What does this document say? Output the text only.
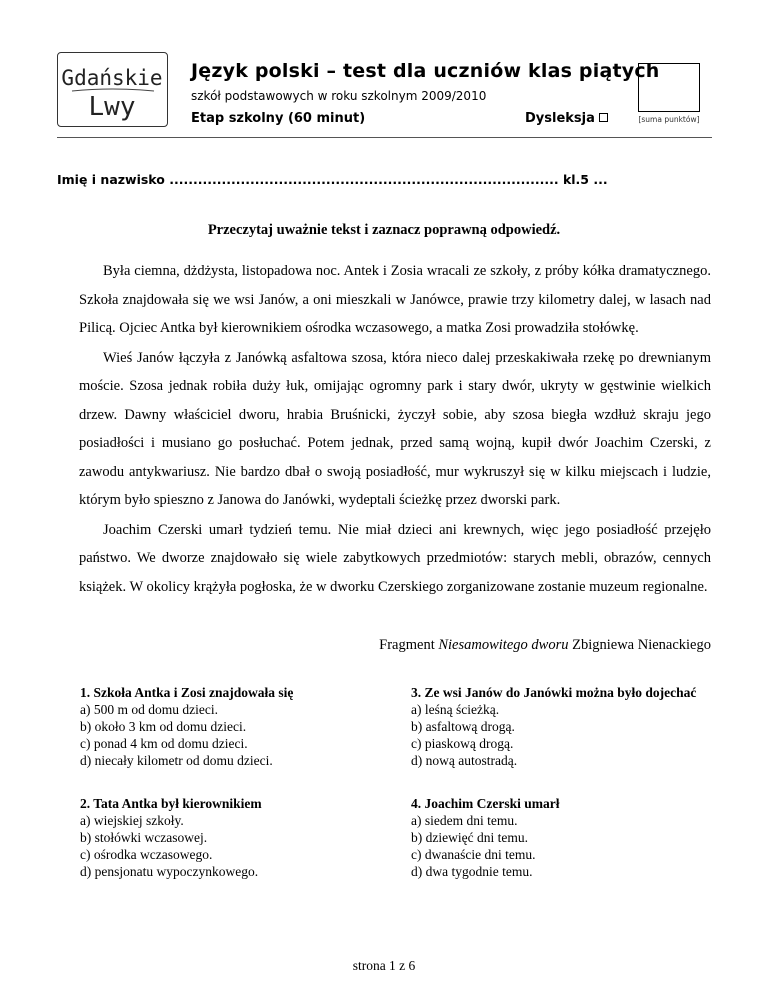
Gdańskie
Lwy
Język polski – test dla uczniów klas piątych
szkół podstawowych w roku szkolnym 2009/2010
Etap szkolny (60 minut)	Dysleksja	[suma punktów]
Imię i nazwisko .................................................................................. kl.5 ...
Przeczytaj uważnie tekst i zaznacz poprawną odpowiedź.

Była ciemna, dżdżysta, listopadowa noc. Antek i Zosia wracali ze szkoły, z próby kółka dramatycznego. Szkoła znajdowała się we wsi Janów, a oni mieszkali w Janówce, prawie trzy kilometry dalej, w lasach nad Pilicą. Ojciec Antka był kierownikiem ośrodka wczasowego, a matka Zosi prowadziła stołówkę.

Wieś Janów łączyła z Janówką asfaltowa szosa, która nieco dalej przeskakiwała rzekę po drewnianym moście. Szosa jednak robiła duży łuk, omijając ogromny park i stary dwór, ukryty w gęstwinie wielkich drzew. Dawny właściciel dworu, hrabia Bruśnicki, życzył sobie, aby szosa biegła wzdłuż skraju jego posiadłości i musiano go posłuchać. Potem jednak, przed samą wojną, kupił dwór Joachim Czerski, z zawodu antykwariusz. Nie bardzo dbał o swoją posiadłość, mur wykruszył się w kilku miejscach i ludzie, którym było spieszno z Janowa do Janówki, wydeptali ścieżkę przez dworski park.

Joachim Czerski umarł tydzień temu. Nie miał dzieci ani krewnych, więc jego posiadłość przejęło państwo. We dworze znajdowało się wiele zabytkowych przedmiotów: starych mebli, obrazów, cennych książek. W okolicy krążyła pogłoska, że w dworku Czerskiego zorganizowane zostanie muzeum regionalne.

Fragment Niesamowitego dworu Zbigniewa Nienackiego
1. Szkoła Antka i Zosi znajdowała się
a) 500 m od domu dzieci.
b) około 3 km od domu dzieci.
c) ponad 4 km od domu dzieci.
d) niecały kilometr od domu dzieci.
2. Tata Antka był kierownikiem
a) wiejskiej szkoły.
b) stołówki wczasowej.
c) ośrodka wczasowego.
d) pensjonatu wypoczynkowego.
3. Ze wsi Janów do Janówki można było dojechać
a) leśną ścieżką.
b) asfaltową drogą.
c) piaskową drogą.
d) nową autostradą.
4. Joachim Czerski umarł
a) siedem dni temu.
b) dziewięć dni temu.
c) dwanaście dni temu.
d) dwa tygodnie temu.
strona 1 z 6
